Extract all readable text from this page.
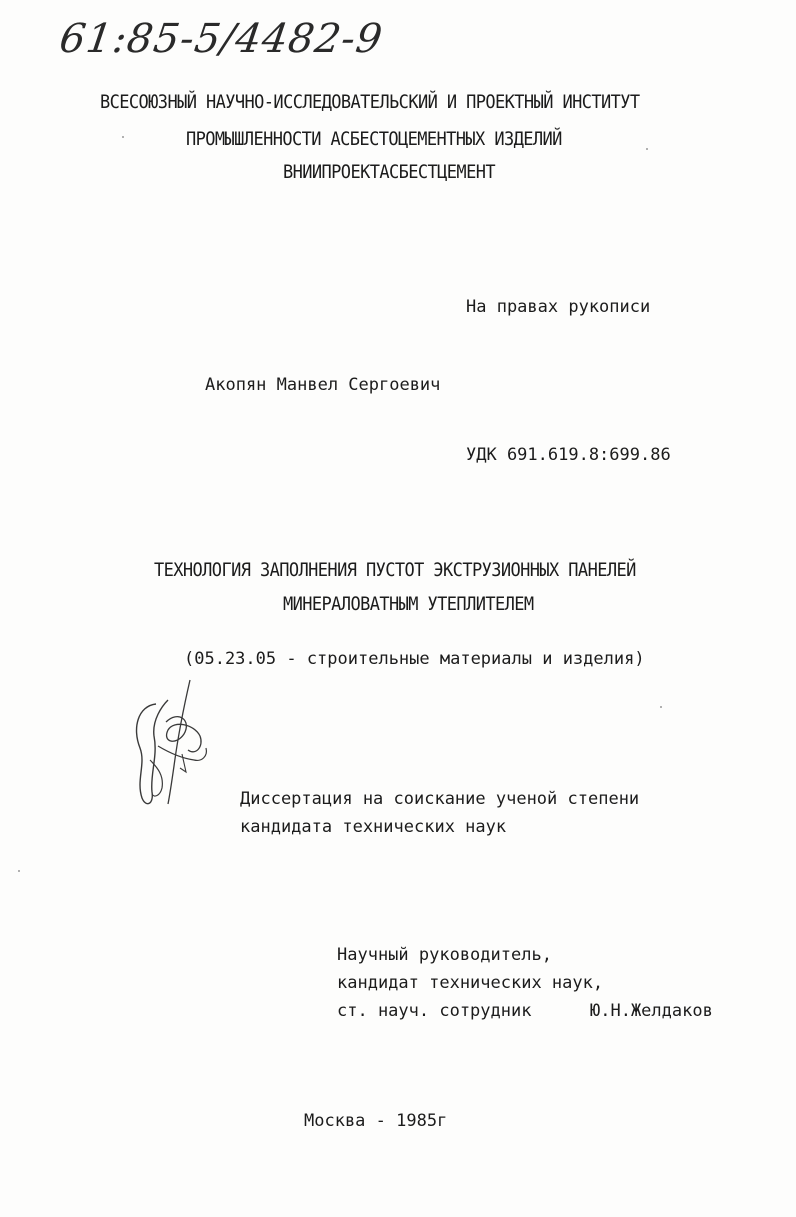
61:85-5/4482-9
ВСЕСОЮЗНЫЙ НАУЧНО-ИССЛЕДОВАТЕЛЬСКИЙ И ПРОЕКТНЫЙ ИНСТИТУТ
ПРОМЫШЛЕННОСТИ АСБЕСТОЦЕМЕНТНЫХ ИЗДЕЛИЙ
ВНИИПРОЕКТАСБЕСТЦЕМЕНТ
На правах рукописи
Акопян Манвел Сергоевич
УДК 691.619.8:699.86
ТЕХНОЛОГИЯ ЗАПОЛНЕНИЯ ПУСТОТ ЭКСТРУЗИОННЫХ ПАНЕЛЕЙ
МИНЕРАЛОВАТНЫМ УТЕПЛИТЕЛЕМ
(05.23.05 - строительные материалы и изделия)
Диссертация на соискание ученой степени
кандидата технических наук
Научный руководитель,
кандидат технических наук,
ст. науч. сотрудник	Ю.Н.Желдаков
Москва - 1985г
